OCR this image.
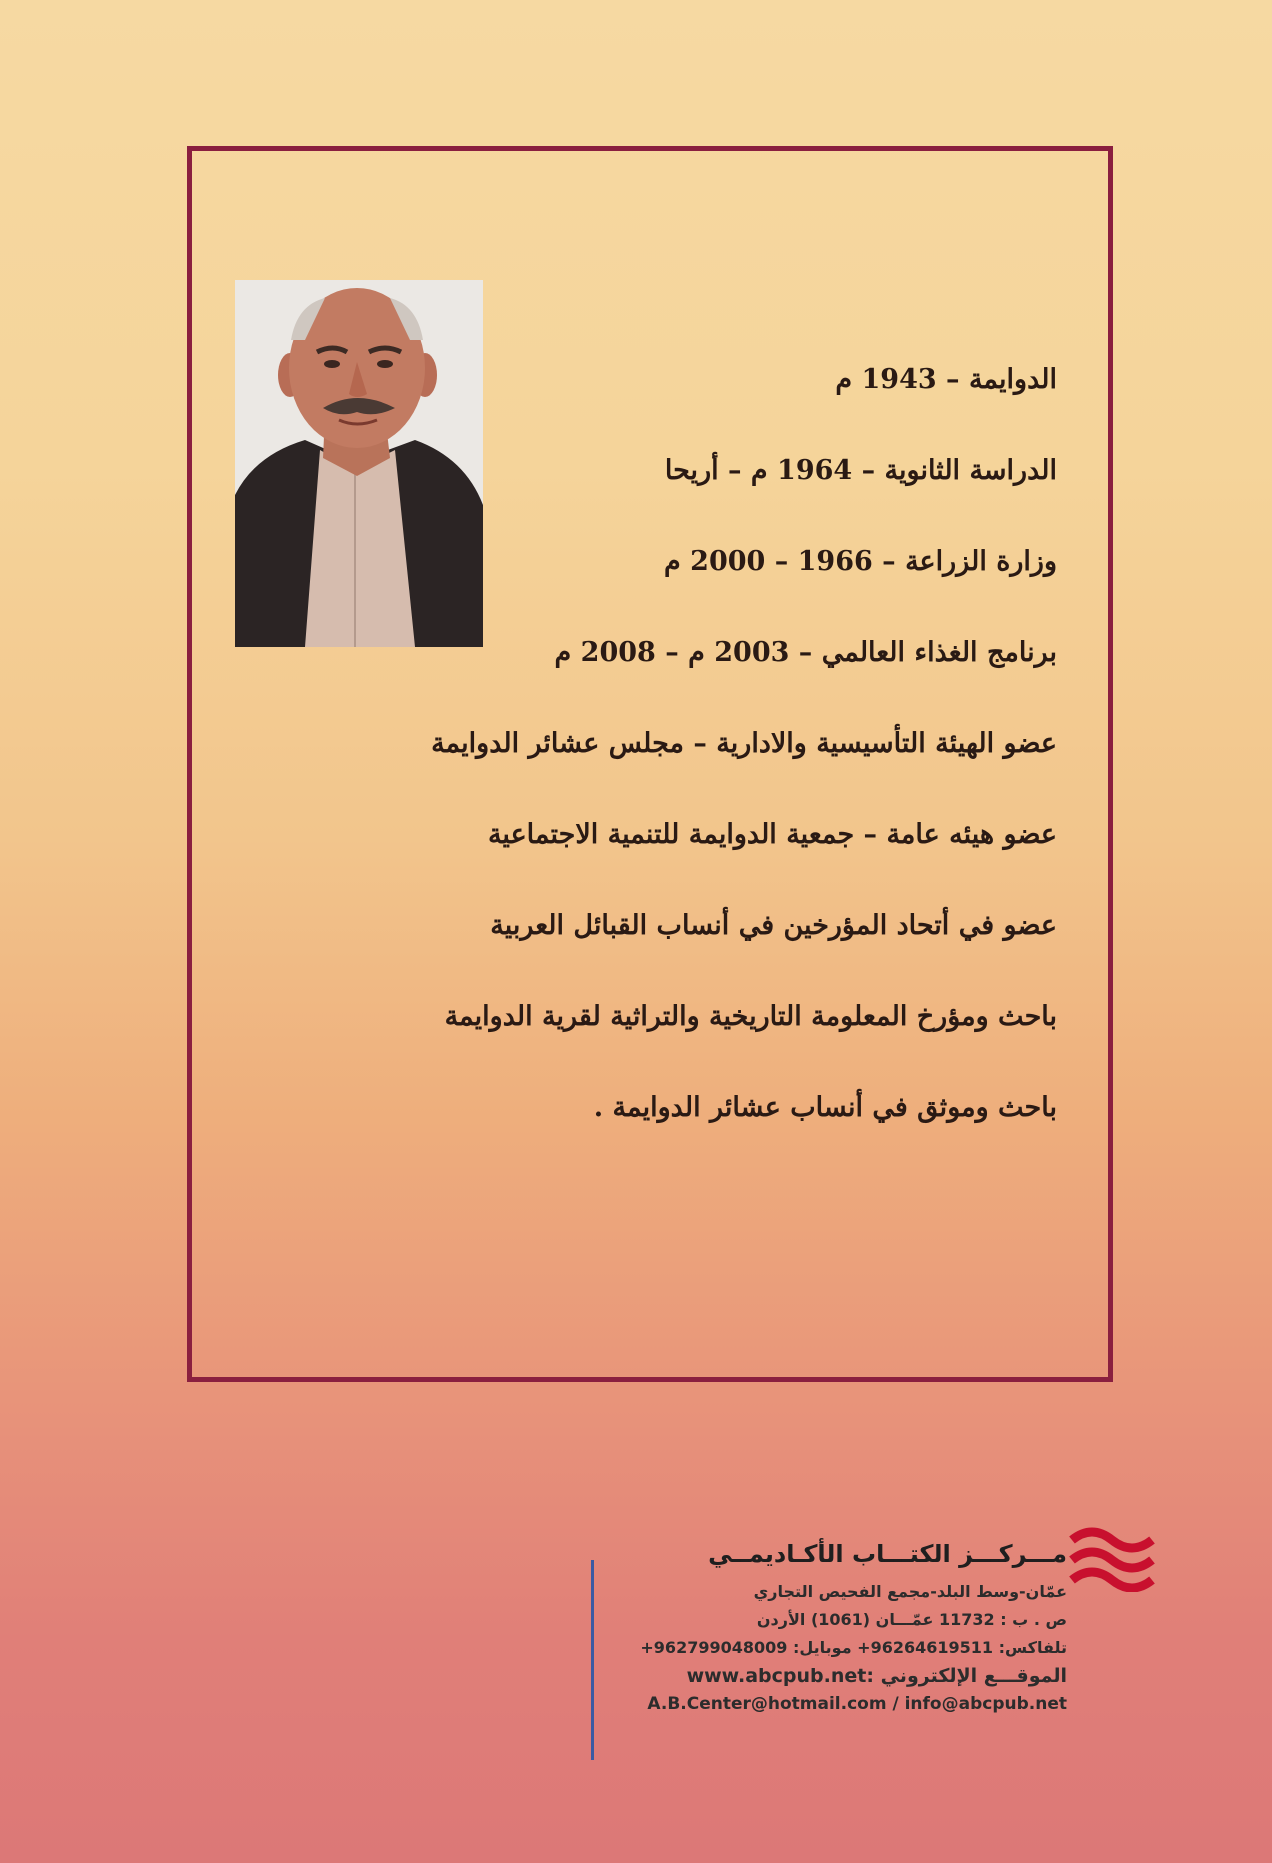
الدوايمة – 1943 م
الدراسة الثانوية – 1964 م – أريحا
وزارة الزراعة – 1966 – 2000 م
برنامج الغذاء العالمي – 2003 م – 2008 م
عضو الهيئة التأسيسية والادارية – مجلس عشائر الدوايمة
عضو هيئه عامة – جمعية الدوايمة للتنمية الاجتماعية
عضو في أتحاد المؤرخين في أنساب القبائل العربية
باحث ومؤرخ المعلومة التاريخية والتراثية لقرية الدوايمة
باحث وموثق في أنساب عشائر الدوايمة .
مـــركـــز الكتـــاب الأكـاديمــي
عمّان-وسط البلد-مجمع الفحيص التجاري
ص . ب : 11732 عمّـــان (1061) الأردن
تلفاكس: 96264619511+ موبايل: 962799048009+
الموقـــع الإلكتروني :www.abcpub.net
A.B.Center@hotmail.com / info@abcpub.net
